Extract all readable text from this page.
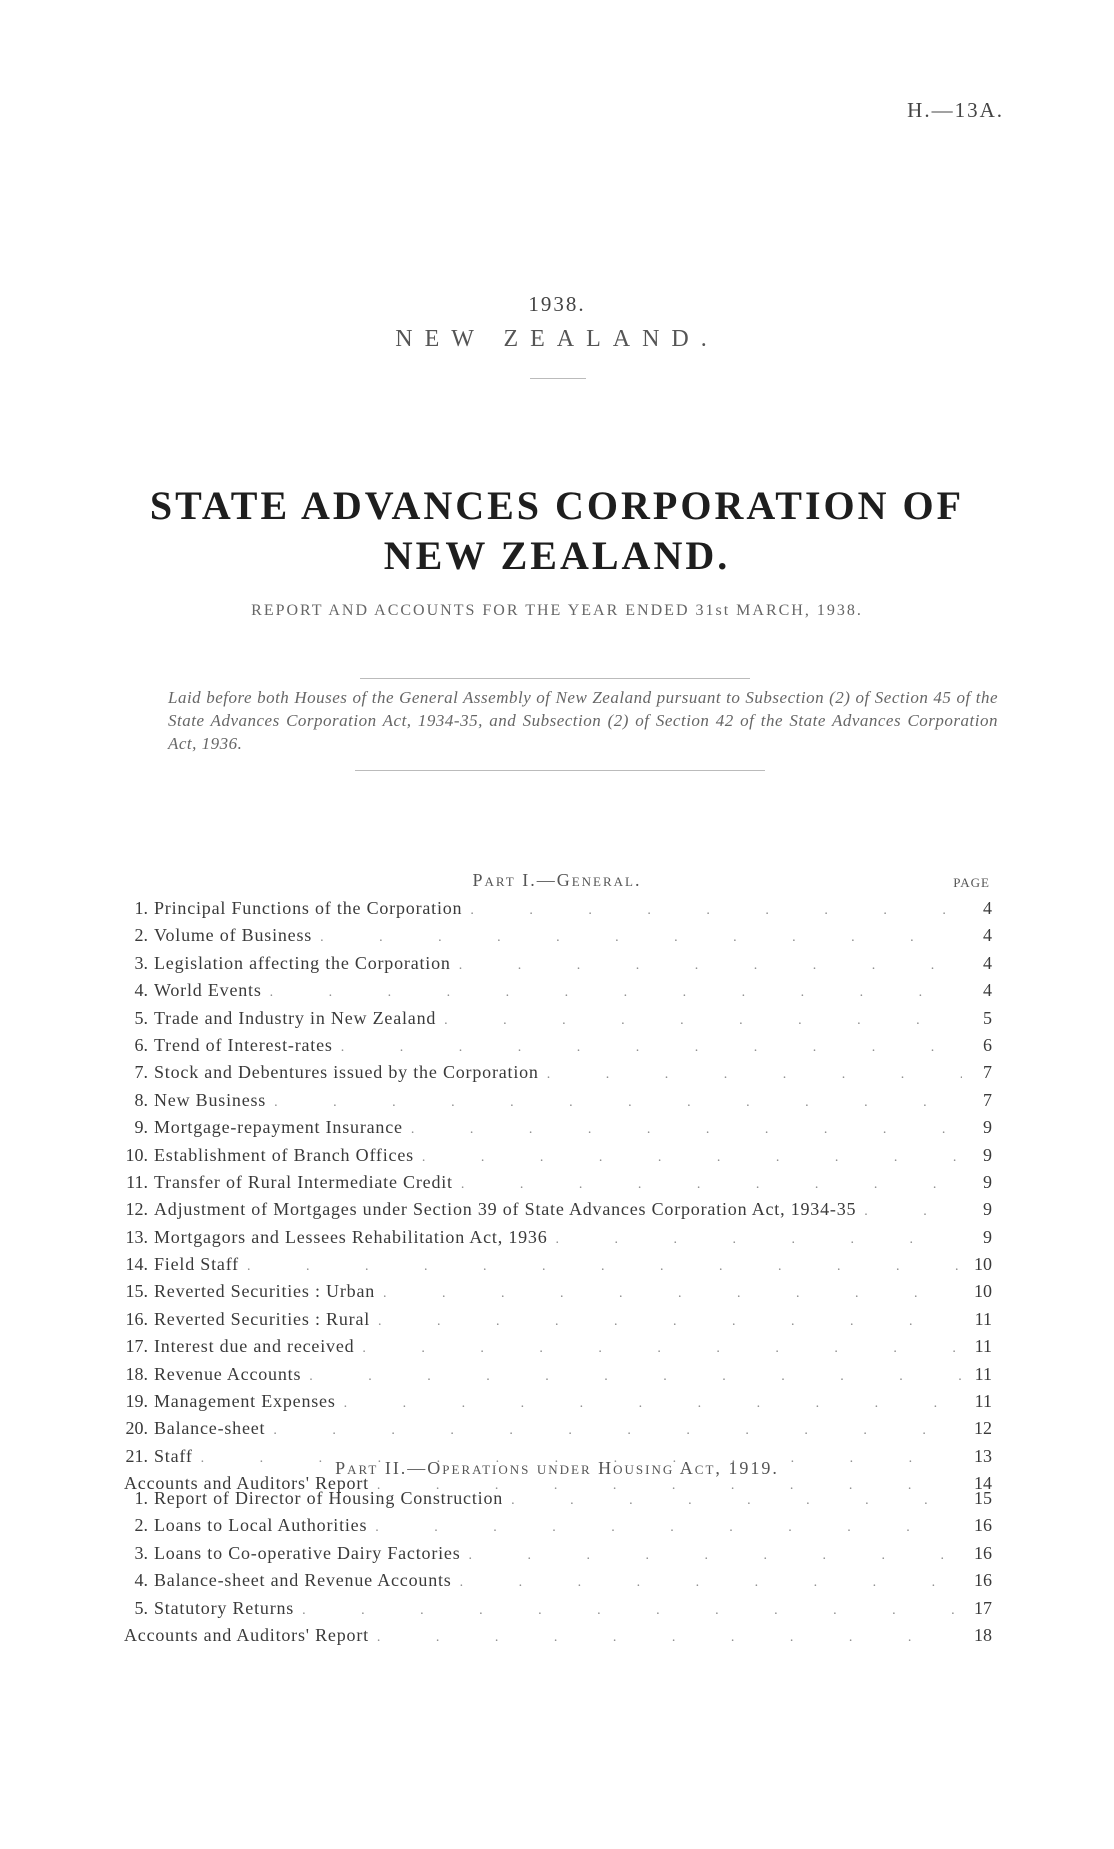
H.—13A.
1938.
NEW ZEALAND.
STATE ADVANCES CORPORATION OF
NEW ZEALAND.
REPORT AND ACCOUNTS FOR THE YEAR ENDED 31st MARCH, 1938.
Laid before both Houses of the General Assembly of New Zealand pursuant to Subsection (2) of Section 45 of the State Advances Corporation Act, 1934-35, and Subsection (2) of Section 42 of the State Advances Corporation Act, 1936.
Part I.—General.	PAGE
1. Principal Functions of the Corporation . . .	4
2. Volume of Business . . .	4
3. Legislation affecting the Corporation . . .	4
4. World Events . . .	4
5. Trade and Industry in New Zealand . . .	5
6. Trend of Interest-rates . . .	6
7. Stock and Debentures issued by the Corporation . . .	7
8. New Business . . .	7
9. Mortgage-repayment Insurance . . .	9
10. Establishment of Branch Offices . . .	9
11. Transfer of Rural Intermediate Credit . . .	9
12. Adjustment of Mortgages under Section 39 of State Advances Corporation Act, 1934-35 . . .	9
13. Mortgagors and Lessees Rehabilitation Act, 1936 . . .	9
14. Field Staff . . .	10
15. Reverted Securities : Urban . . .	10
16. Reverted Securities : Rural . . .	11
17. Interest due and received . . .	11
18. Revenue Accounts . . .	11
19. Management Expenses . . .	11
20. Balance-sheet . . .	12
21. Staff . . .	13
Accounts and Auditors' Report . . .	14
Part II.—Operations under Housing Act, 1919.
1. Report of Director of Housing Construction . . .	15
2. Loans to Local Authorities . . .	16
3. Loans to Co-operative Dairy Factories . . .	16
4. Balance-sheet and Revenue Accounts . . .	16
5. Statutory Returns . . .	17
Accounts and Auditors' Report . . .	18
